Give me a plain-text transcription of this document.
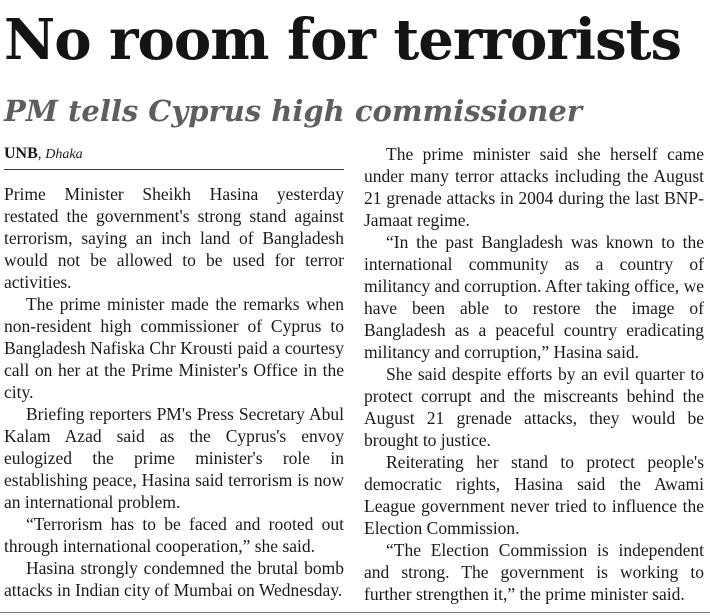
No room for terrorists
PM tells Cyprus high commissioner
UNB, Dhaka

Prime Minister Sheikh Hasina yesterday restated the government's strong stand against terrorism, saying an inch land of Bangladesh would not be allowed to be used for terror activities.

The prime minister made the remarks when non-resident high commissioner of Cyprus to Bangladesh Nafiska Chr Krousti paid a courtesy call on her at the Prime Minister's Office in the city.

Briefing reporters PM's Press Secretary Abul Kalam Azad said as the Cyprus's envoy eulogized the prime minister's role in establishing peace, Hasina said terrorism is now an international problem.

“Terrorism has to be faced and rooted out through international cooperation,” she said.

Hasina strongly condemned the brutal bomb attacks in Indian city of Mumbai on Wednesday.

The prime minister said she herself came under many terror attacks including the August 21 grenade attacks in 2004 during the last BNP-Jamaat regime.

“In the past Bangladesh was known to the international community as a country of militancy and corruption. After taking office, we have been able to restore the image of Bangladesh as a peaceful country eradicating militancy and corruption,” Hasina said.

She said despite efforts by an evil quarter to protect corrupt and the miscreants behind the August 21 grenade attacks, they would be brought to justice.

Reiterating her stand to protect people's democratic rights, Hasina said the Awami League government never tried to influence the Election Commission.

“The Election Commission is independent and strong. The government is working to further strengthen it,” the prime minister said.
